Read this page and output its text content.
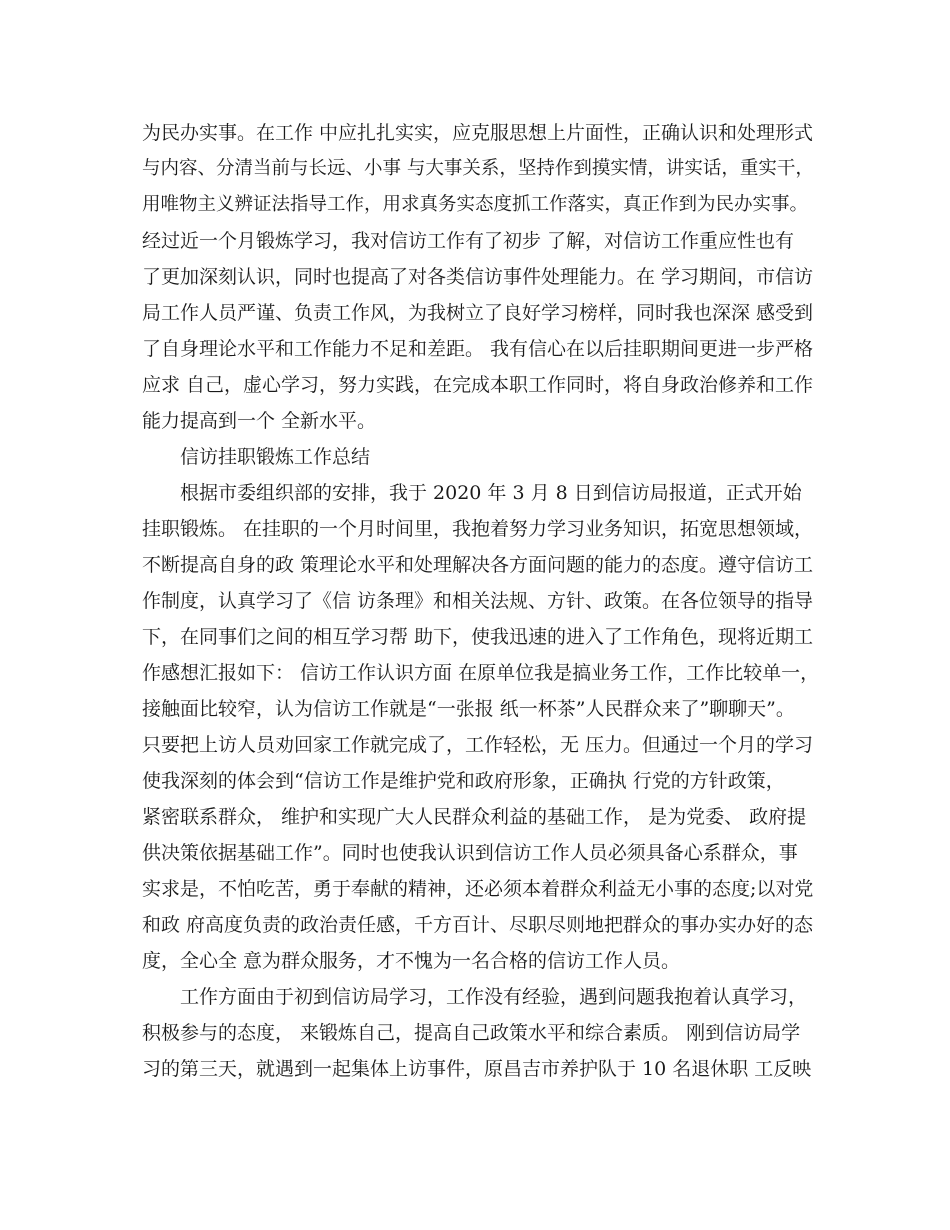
为民办实事。在工作 中应扎扎实实，应克服思想上片面性，正确认识和处理形式
与内容、分清当前与长远、小事 与大事关系，坚持作到摸实情，讲实话，重实干，
用唯物主义辨证法指导工作，用求真务实态度抓工作落实，真正作到为民办实事。
经过近一个月锻炼学习，我对信访工作有了初步 了解，对信访工作重应性也有
了更加深刻认识，同时也提高了对各类信访事件处理能力。在 学习期间，市信访
局工作人员严谨、负责工作风，为我树立了良好学习榜样，同时我也深深 感受到
了自身理论水平和工作能力不足和差距。 我有信心在以后挂职期间更进一步严格
应求 自己，虚心学习，努力实践，在完成本职工作同时，将自身政治修养和工作
能力提高到一个 全新水平。
信访挂职锻炼工作总结
根据市委组织部的安排，我于 2020 年 3 月 8 日到信访局报道，正式开始
挂职锻炼。 在挂职的一个月时间里，我抱着努力学习业务知识，拓宽思想领域，
不断提高自身的政 策理论水平和处理解决各方面问题的能力的态度。遵守信访工
作制度，认真学习了《信 访条理》和相关法规、方针、政策。在各位领导的指导
下，在同事们之间的相互学习帮 助下，使我迅速的进入了工作角色，现将近期工
作感想汇报如下： 信访工作认识方面 在原单位我是搞业务工作，工作比较单一，
接触面比较窄，认为信访工作就是“一张报 纸一杯茶”人民群众来了”聊聊天”。
只要把上访人员劝回家工作就完成了，工作轻松，无 压力。但通过一个月的学习
使我深刻的体会到“信访工作是维护党和政府形象，正确执 行党的方针政策，
紧密联系群众， 维护和实现广大人民群众利益的基础工作， 是为党委、 政府提
供决策依据基础工作”。同时也使我认识到信访工作人员必须具备心系群众，事
实求是，不怕吃苦，勇于奉献的精神，还必须本着群众利益无小事的态度;以对党
和政 府高度负责的政治责任感，千方百计、尽职尽则地把群众的事办实办好的态
度，全心全 意为群众服务，才不愧为一名合格的信访工作人员。
工作方面由于初到信访局学习，工作没有经验，遇到问题我抱着认真学习，
积极参与的态度， 来锻炼自己，提高自己政策水平和综合素质。 刚到信访局学
习的第三天，就遇到一起集体上访事件，原昌吉市养护队于 10 名退休职 工反映
